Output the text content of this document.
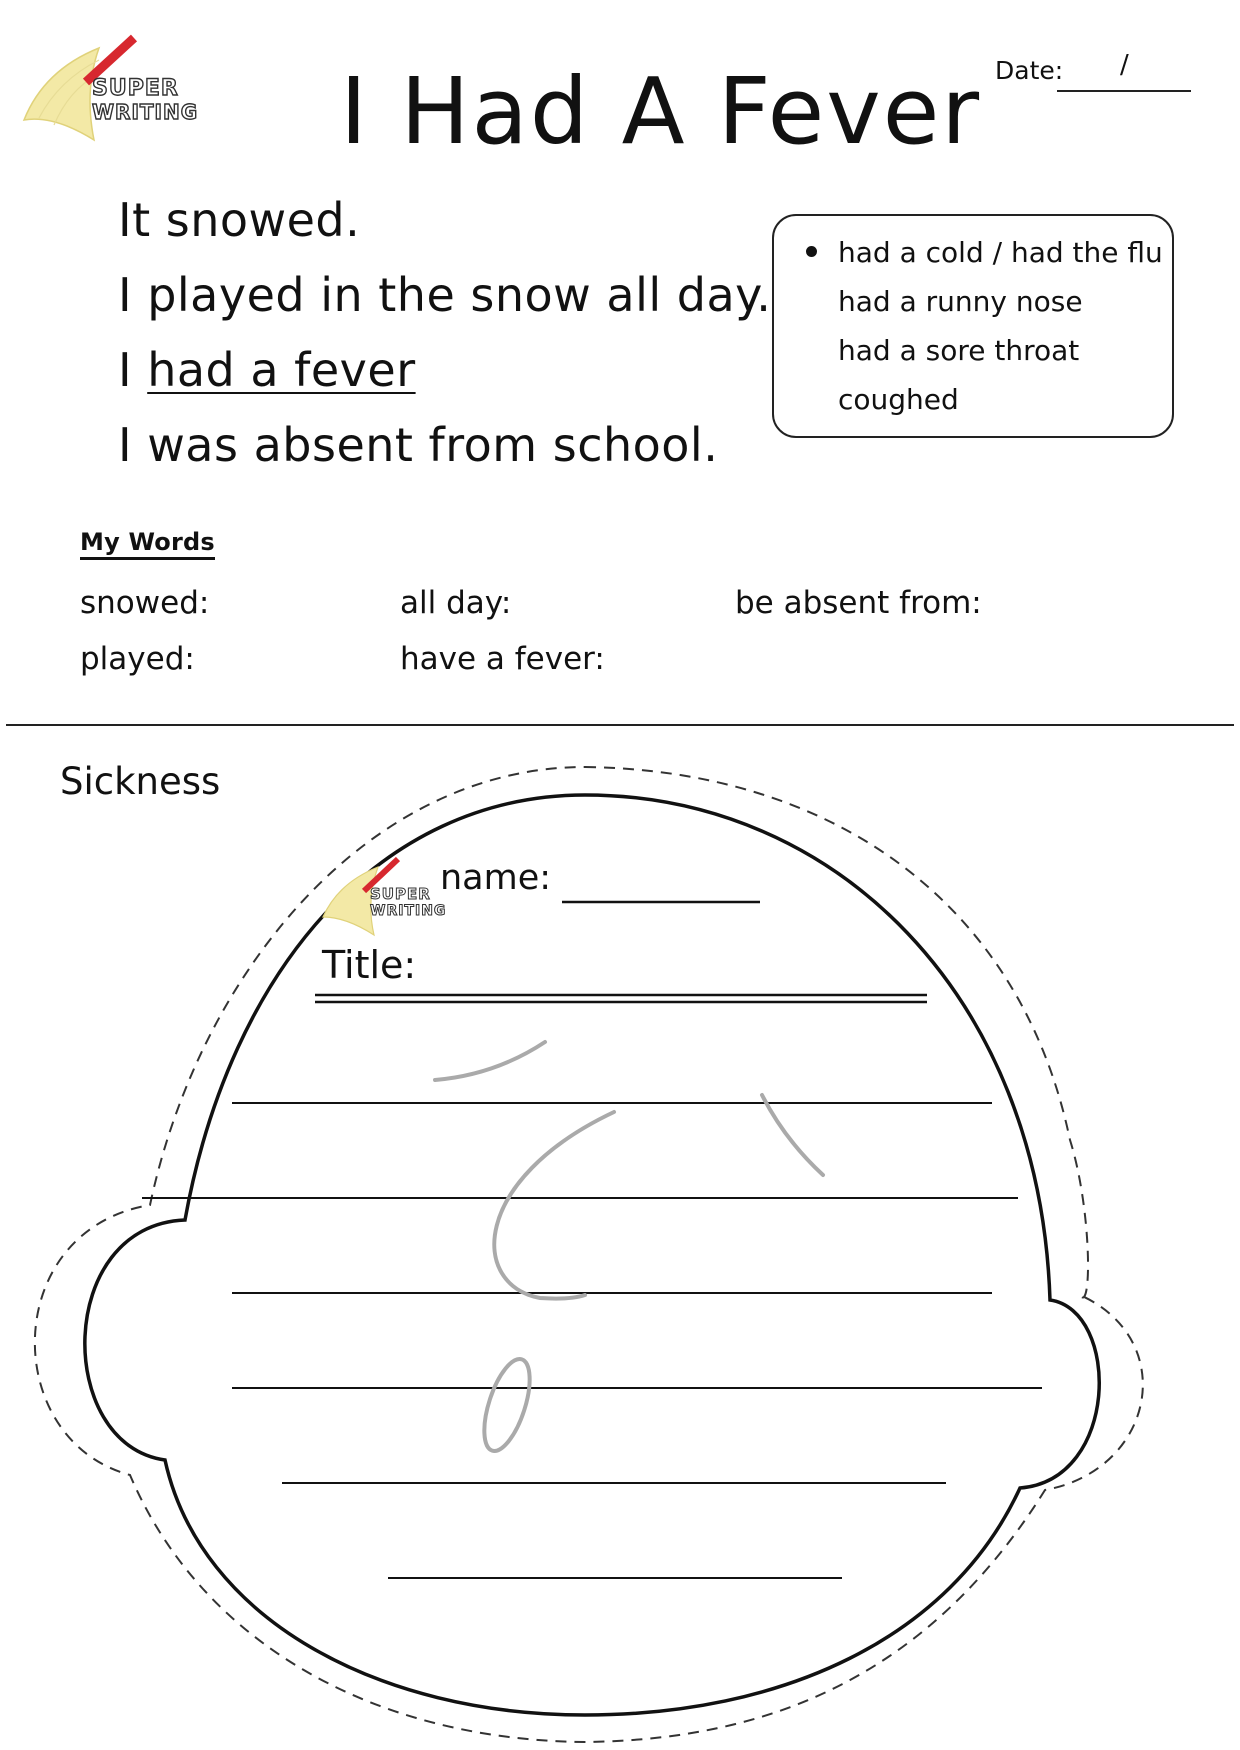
SUPER
WRITING I Had A Fever Date: /
It snowed.
I played in the snow all day.
I had a fever
I was absent from school.
had a cold / had the flu
had a runny nose
had a sore throat
coughed
My Words
snowed:	all day:	be absent from:
played:	have a fever:
Sickness
SUPER
WRITING
name:
Title:
